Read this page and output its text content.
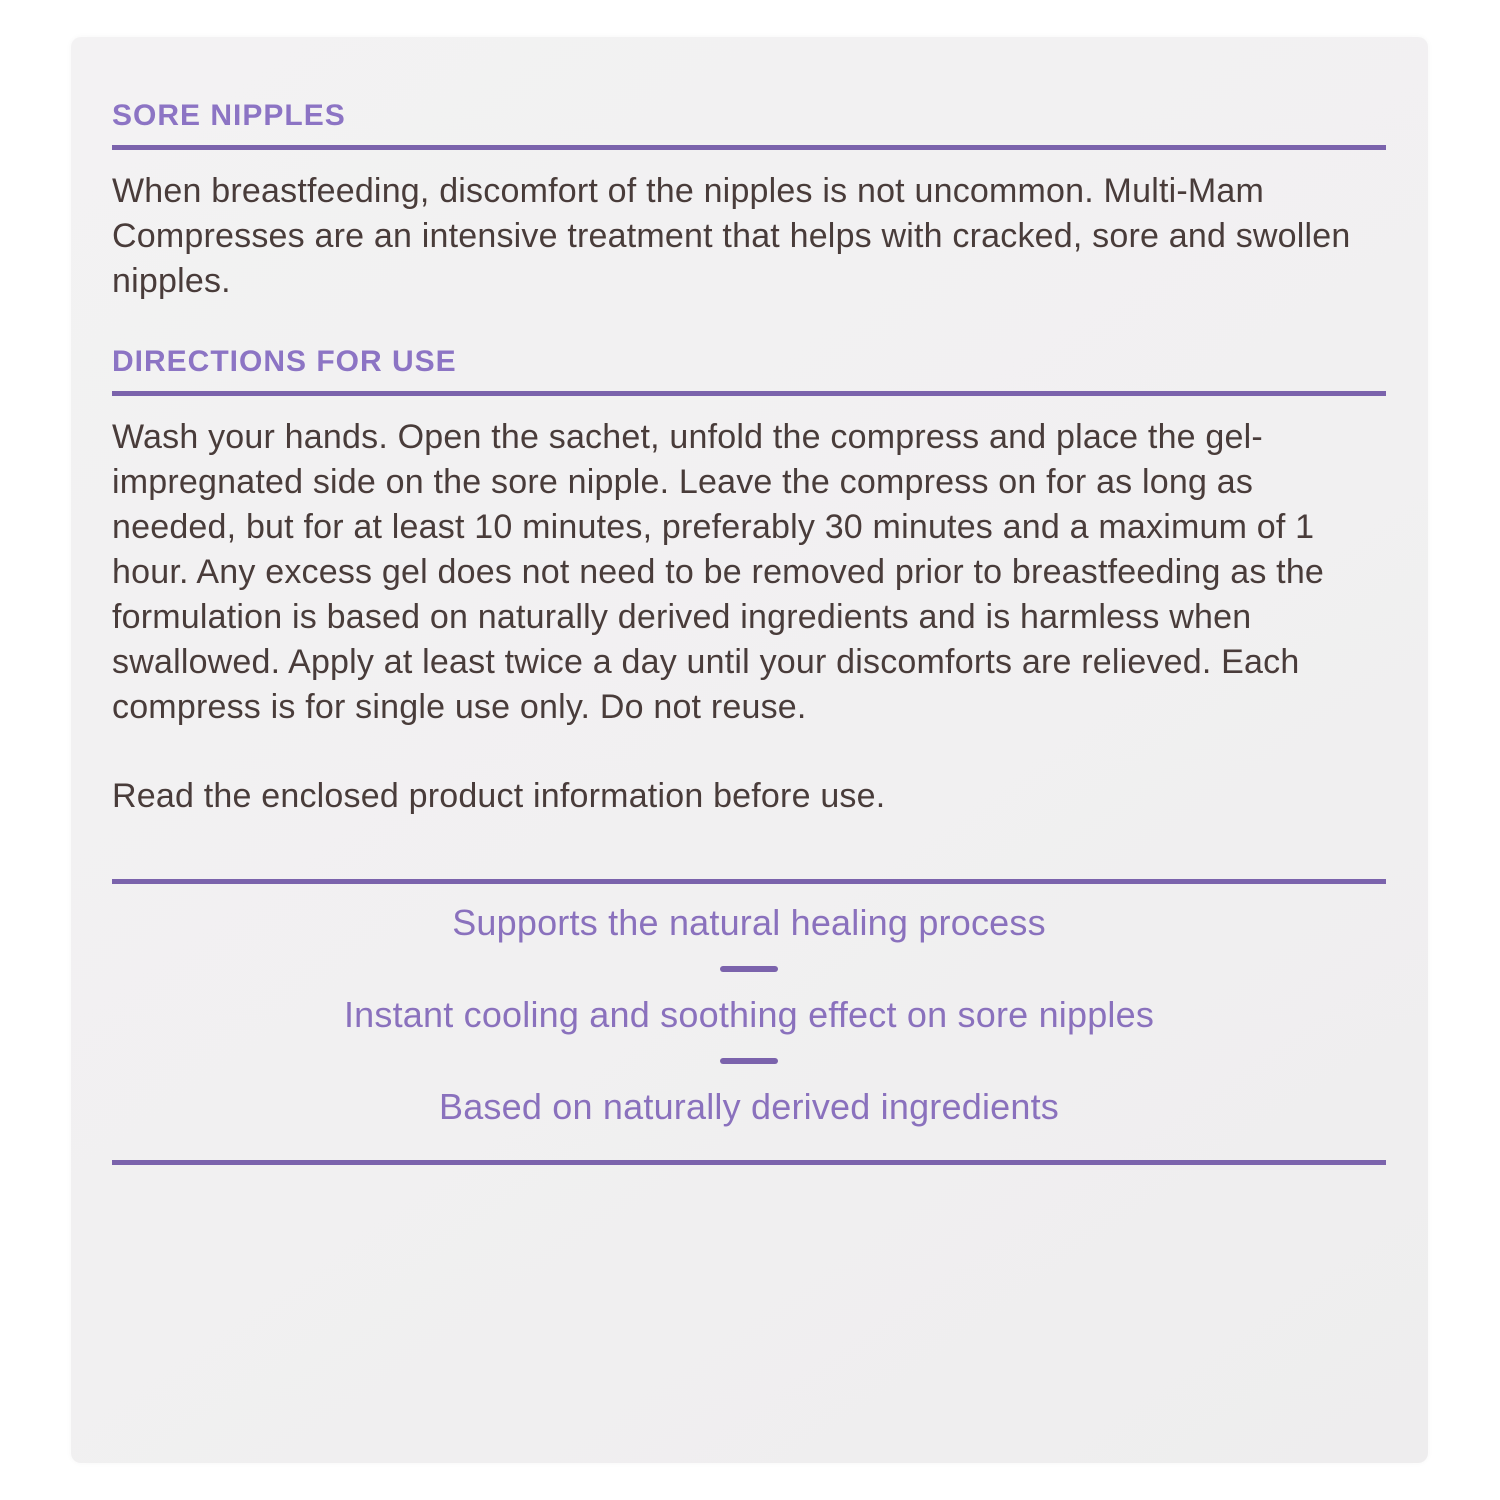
SORE NIPPLES

When breastfeeding, discomfort of the nipples is not uncommon. Multi-Mam Compresses are an intensive treatment that helps with cracked, sore and swollen nipples.

DIRECTIONS FOR USE

Wash your hands. Open the sachet, unfold the compress and place the gel-impregnated side on the sore nipple. Leave the compress on for as long as needed, but for at least 10 minutes, preferably 30 minutes and a maximum of 1 hour. Any excess gel does not need to be removed prior to breastfeeding as the formulation is based on naturally derived ingredients and is harmless when swallowed. Apply at least twice a day until your discomforts are relieved. Each compress is for single use only. Do not reuse.

Read the enclosed product information before use.

Supports the natural healing process

Instant cooling and soothing effect on sore nipples

Based on naturally derived ingredients
